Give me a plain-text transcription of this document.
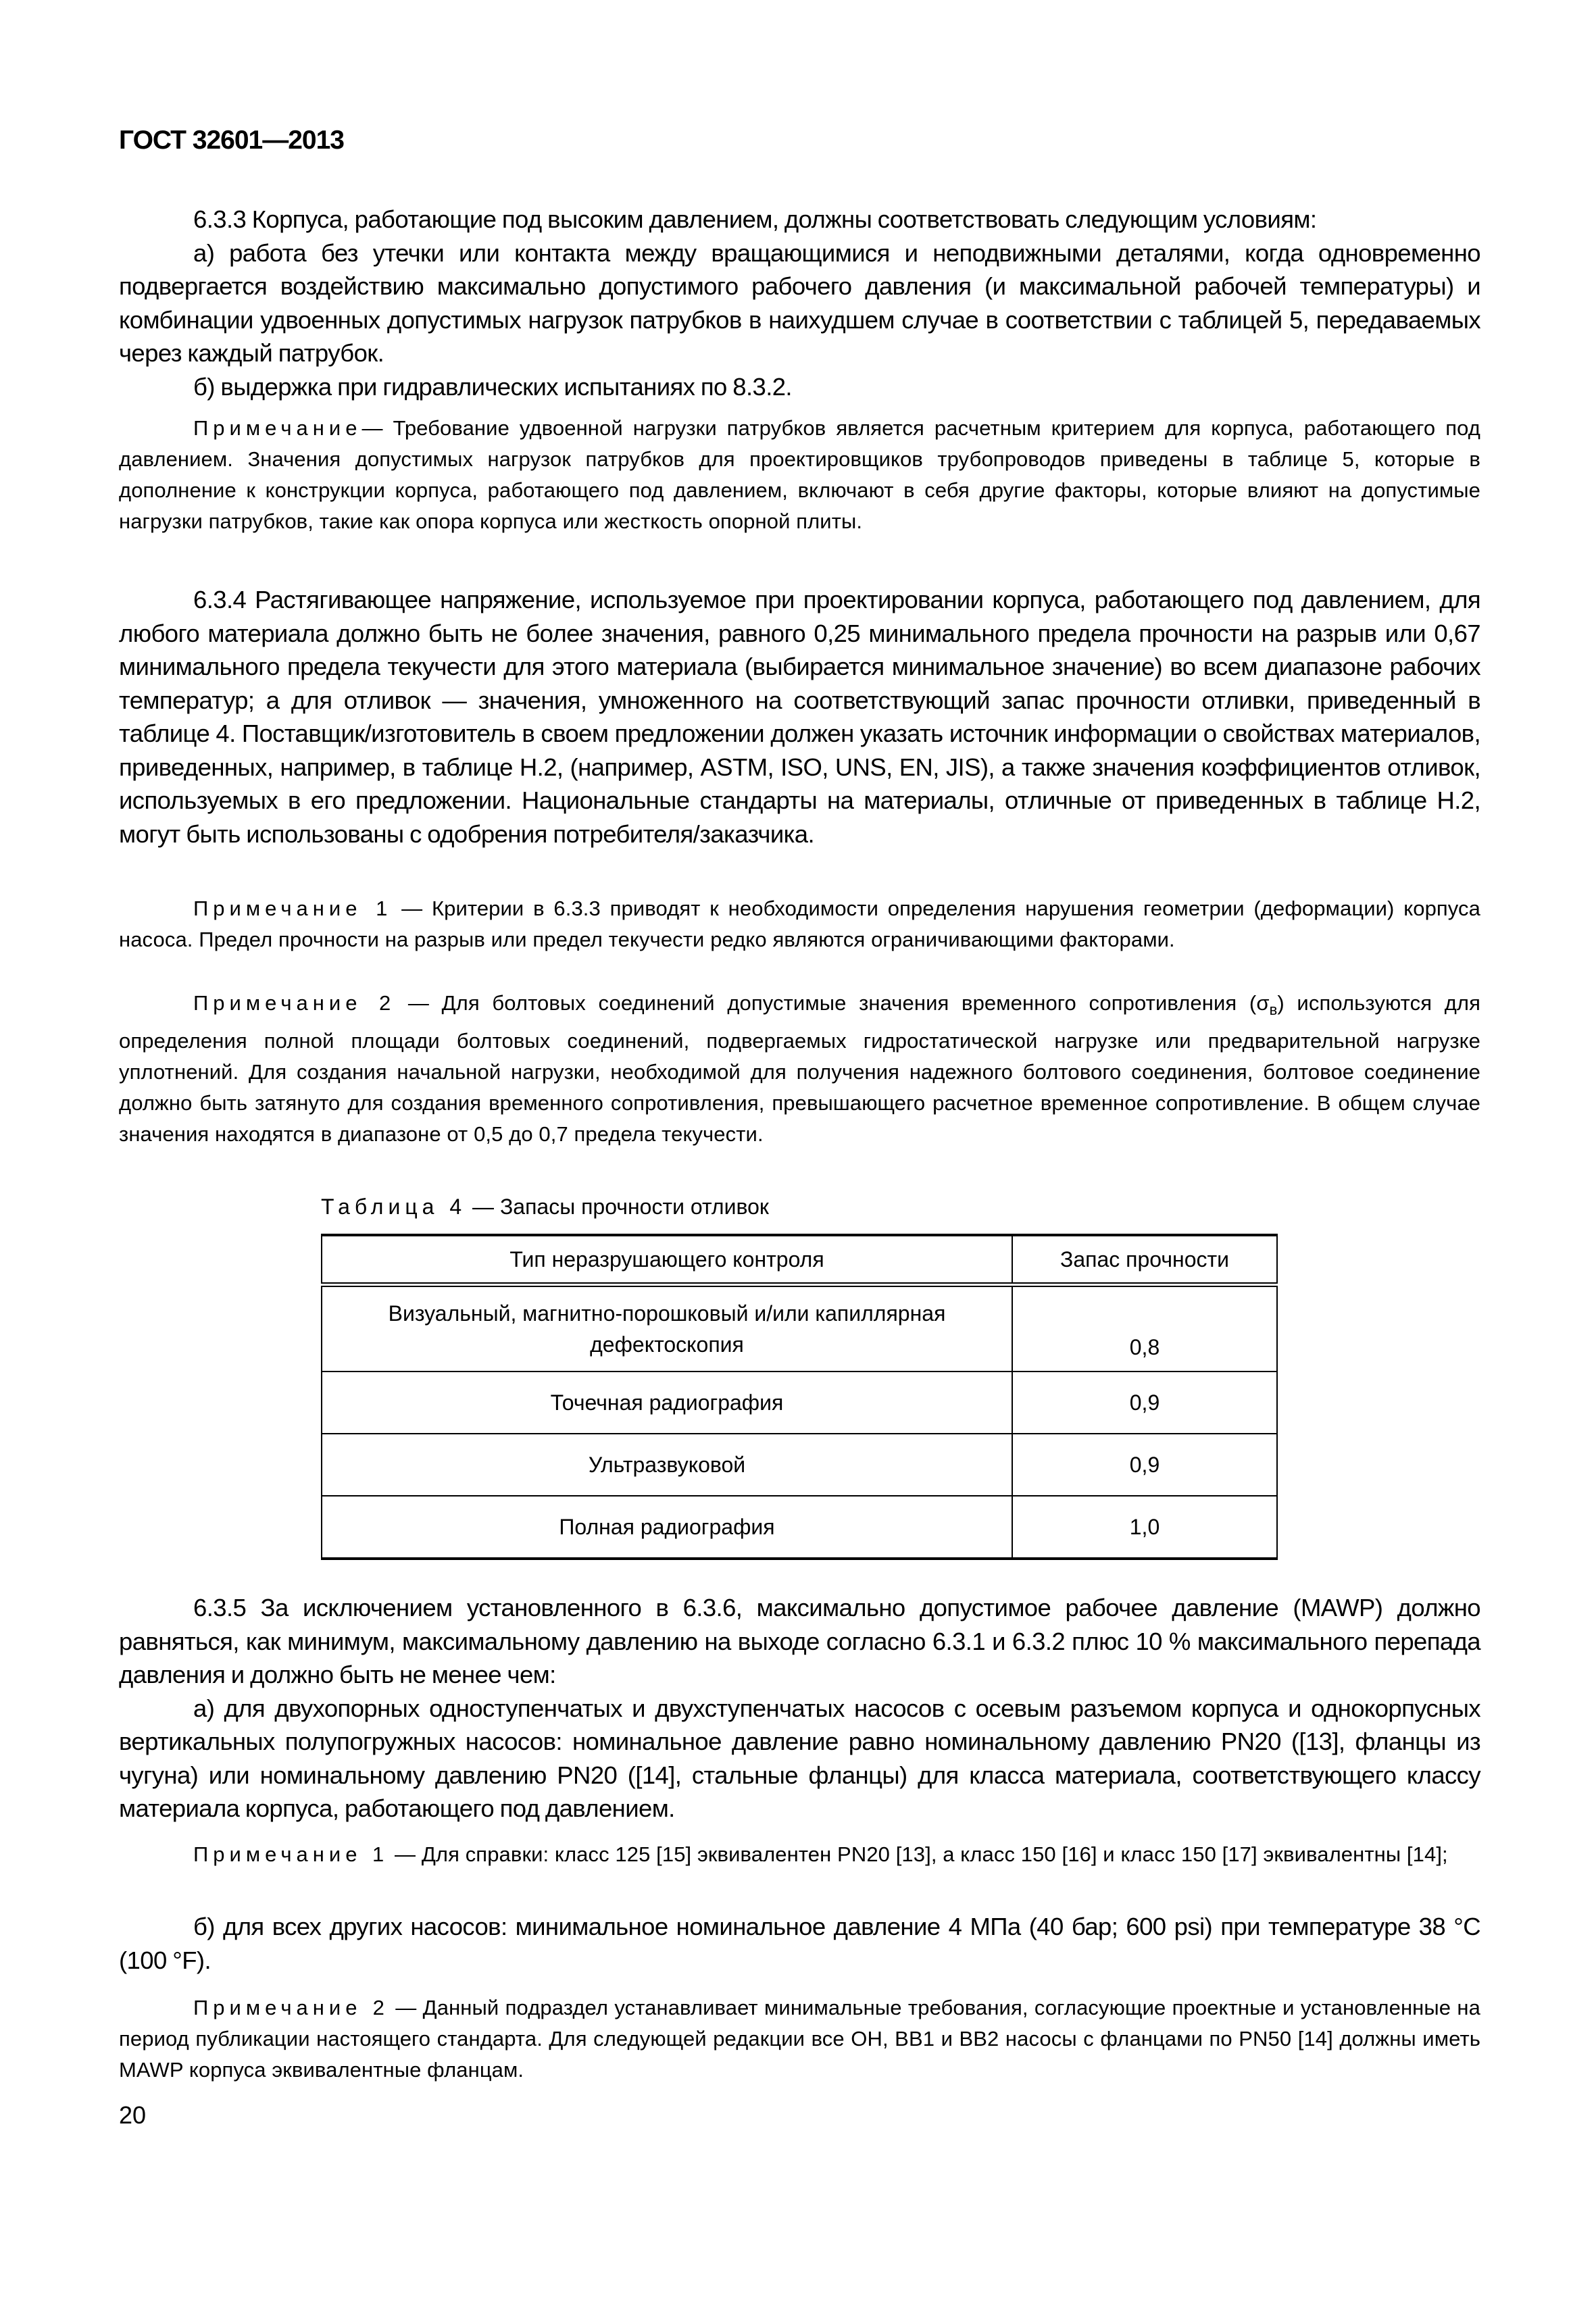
ГОСТ 32601—2013

6.3.3 Корпуса, работающие под высоким давлением, должны соответствовать следующим условиям:

а) работа без утечки или контакта между вращающимися и неподвижными деталями, когда одновременно подвергается воздействию максимально допустимого рабочего давления (и максимальной рабочей температуры) и комбинации удвоенных допустимых нагрузок патрубков в наихудшем случае в соответствии с таблицей 5, передаваемых через каждый патрубок.

б) выдержка при гидравлических испытаниях по 8.3.2.

Примечание— Требование удвоенной нагрузки патрубков является расчетным критерием для корпуса, работающего под давлением. Значения допустимых нагрузок патрубков для проектировщиков трубопроводов приведены в таблице 5, которые в дополнение к конструкции корпуса, работающего под давлением, включают в себя другие факторы, которые влияют на допустимые нагрузки патрубков, такие как опора корпуса или жесткость опорной плиты.

6.3.4 Растягивающее напряжение, используемое при проектировании корпуса, работающего под давлением, для любого материала должно быть не более значения, равного 0,25 минимального предела прочности на разрыв или 0,67 минимального предела текучести для этого материала (выбирается минимальное значение) во всем диапазоне рабочих температур; а для отливок — значения, умноженного на соответствующий запас прочности отливки, приведенный в таблице 4. Поставщик/изготовитель в своем предложении должен указать источник информации о свойствах материалов, приведенных, например, в таблице Н.2, (например, ASTM, ISO, UNS, EN, JIS), а также значения коэффициентов отливок, используемых в его предложении. Национальные стандарты на материалы, отличные от приведенных в таблице Н.2, могут быть использованы с одобрения потребителя/заказчика.

Примечание 1 — Критерии в 6.3.3 приводят к необходимости определения нарушения геометрии (деформации) корпуса насоса. Предел прочности на разрыв или предел текучести редко являются ограничивающими факторами.

Примечание 2 — Для болтовых соединений допустимые значения временного сопротивления $(\sigma_в)$ используются для определения полной площади болтовых соединений, подвергаемых гидростатической нагрузке или предварительной нагрузке уплотнений. Для создания начальной нагрузки, необходимой для получения надежного болтового соединения, болтовое соединение должно быть затянуто для создания временного сопротивления, превышающего расчетное временное сопротивление. В общем случае значения находятся в диапазоне от 0,5 до 0,7 предела текучести.

Таблица 4 — Запасы прочности отливок
Тип неразрушающего контроля	Запас прочности
Визуальный, магнитно-порошковый и/или капиллярная дефектоскопия	0,8
Точечная радиография	0,9
Ультразвуковой	0,9
Полная радиография	1,0

6.3.5 За исключением установленного в 6.3.6, максимально допустимое рабочее давление (MAWP) должно равняться, как минимум, максимальному давлению на выходе согласно 6.3.1 и 6.3.2 плюс 10 % максимального перепада давления и должно быть не менее чем:

а) для двухопорных одноступенчатых и двухступенчатых насосов с осевым разъемом корпуса и однокорпусных вертикальных полупогружных насосов: номинальное давление равно номинальному давлению PN20 ([13], фланцы из чугуна) или номинальному давлению PN20 ([14], стальные фланцы) для класса материала, соответствующего классу материала корпуса, работающего под давлением.

Примечание 1 — Для справки: класс 125 [15] эквивалентен PN20 [13], а класс 150 [16] и класс 150 [17] эквивалентны [14];

б) для всех других насосов: минимальное номинальное давление 4 МПа (40 бар; 600 psi) при температуре 38 °С (100 °F).

Примечание 2 — Данный подраздел устанавливает минимальные требования, согласующие проектные и установленные на период публикации настоящего стандарта. Для следующей редакции все ОН, ВВ1 и ВВ2 насосы с фланцами по PN50 [14] должны иметь MAWP корпуса эквивалентные фланцам.

20
